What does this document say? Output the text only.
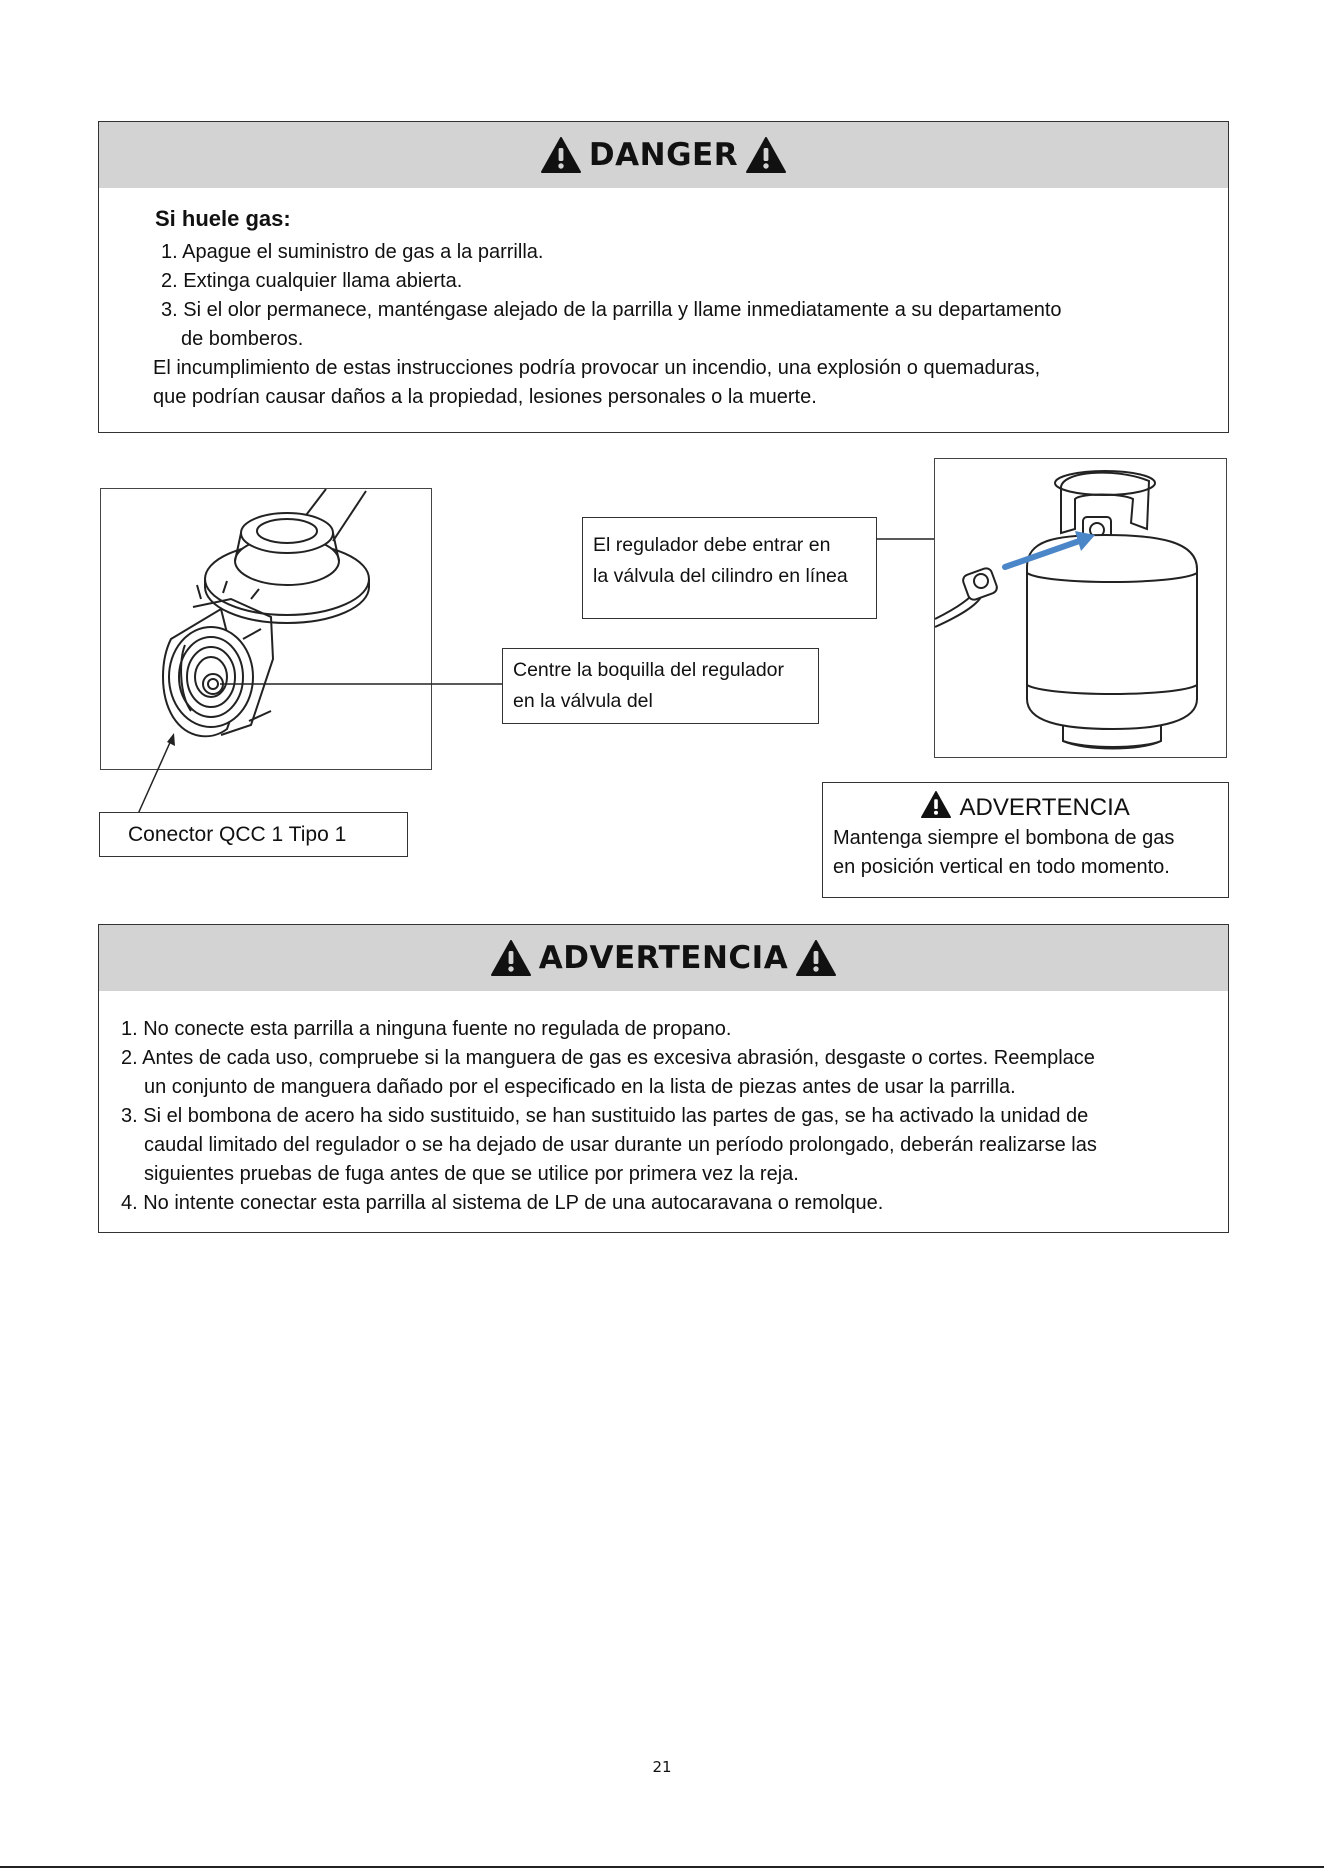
DANGER
Si huele gas:
1. Apague el suministro de gas a la parrilla.
2. Extinga cualquier llama abierta.
3. Si el olor permanece, manténgase alejado de la parrilla y llame inmediatamente a su departamento
de bomberos.
El incumplimiento de estas instrucciones podría provocar un incendio, una explosión o quemaduras,
que podrían causar daños a la propiedad, lesiones personales o la muerte.
El regulador debe entrar en
la válvula del cilindro en línea
Centre la boquilla del regulador
en la válvula del
Conector QCC 1 Tipo 1
ADVERTENCIA
Mantenga siempre el bombona de gas
en posición vertical en todo momento.
ADVERTENCIA
1. No conecte esta parrilla a ninguna fuente no regulada de propano.
2. Antes de cada uso, compruebe si la manguera de gas es excesiva abrasión, desgaste o cortes. Reemplace
un conjunto de manguera dañado por el especificado en la lista de piezas antes de usar la parrilla.
3. Si el bombona de acero ha sido sustituido, se han sustituido las partes de gas, se ha activado la unidad de
caudal limitado del regulador o se ha dejado de usar durante un período prolongado, deberán realizarse las
siguientes pruebas de fuga antes de que se utilice por primera vez la reja.
4. No intente conectar esta parrilla al sistema de LP de una autocaravana o remolque.
21
